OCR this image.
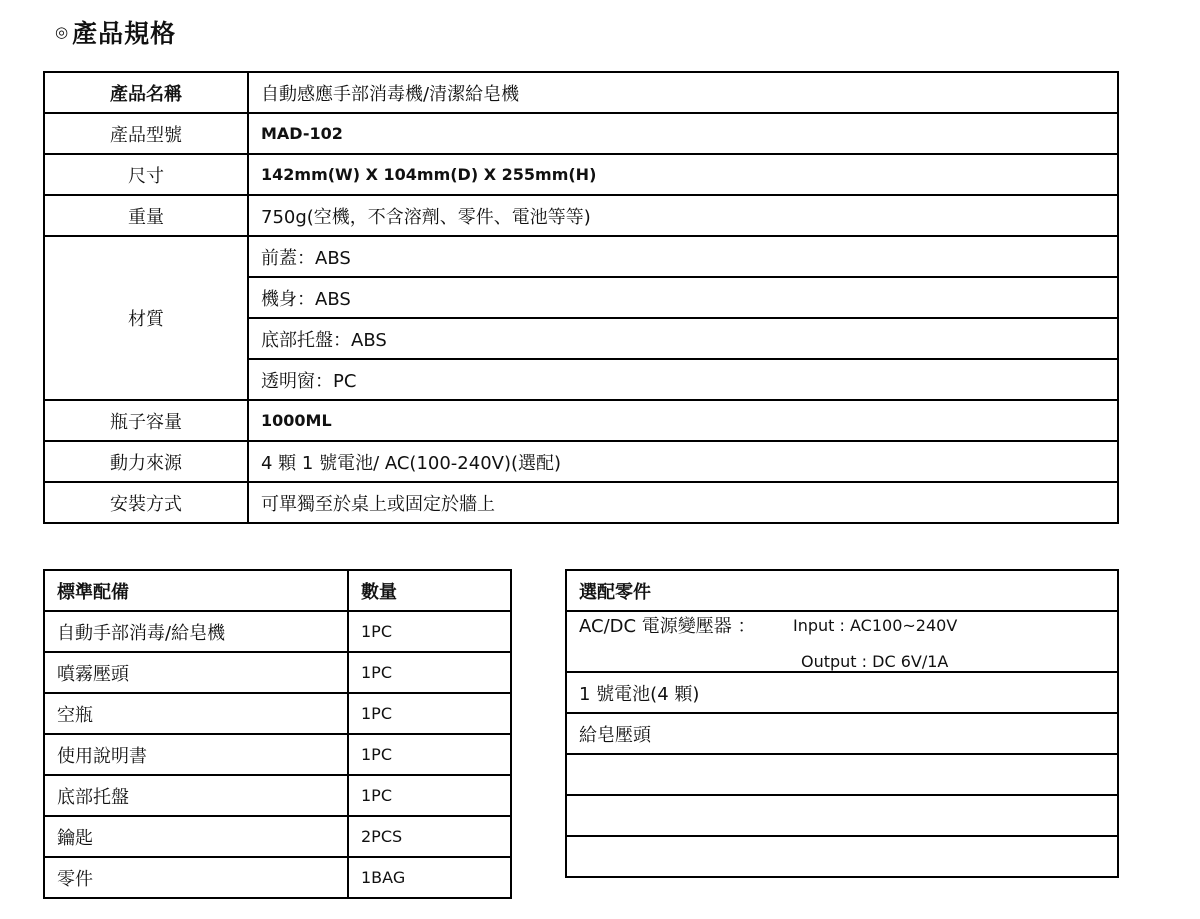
◎ 產品規格
產品名稱	自動感應手部消毒機/清潔給皂機
產品型號	MAD-102
尺寸	142mm(W) X 104mm(D) X 255mm(H)
重量	750g(空機，不含溶劑、零件、電池等等)
材質	前蓋：ABS
	機身：ABS
	底部托盤：ABS
	透明窗：PC
瓶子容量	1000ML
動力來源	4 顆 1 號電池/ AC(100-240V)(選配)
安裝方式	可單獨至於桌上或固定於牆上
標準配備	數量
自動手部消毒/給皂機	1PC
噴霧壓頭	1PC
空瓶	1PC
使用說明書	1PC
底部托盤	1PC
鑰匙	2PCS
零件	1BAG
選配零件

AC/DC 電源變壓器 ：	Input : AC100~240V
Output : DC 6V/1A

1 號電池(4 顆)
給皂壓頭
